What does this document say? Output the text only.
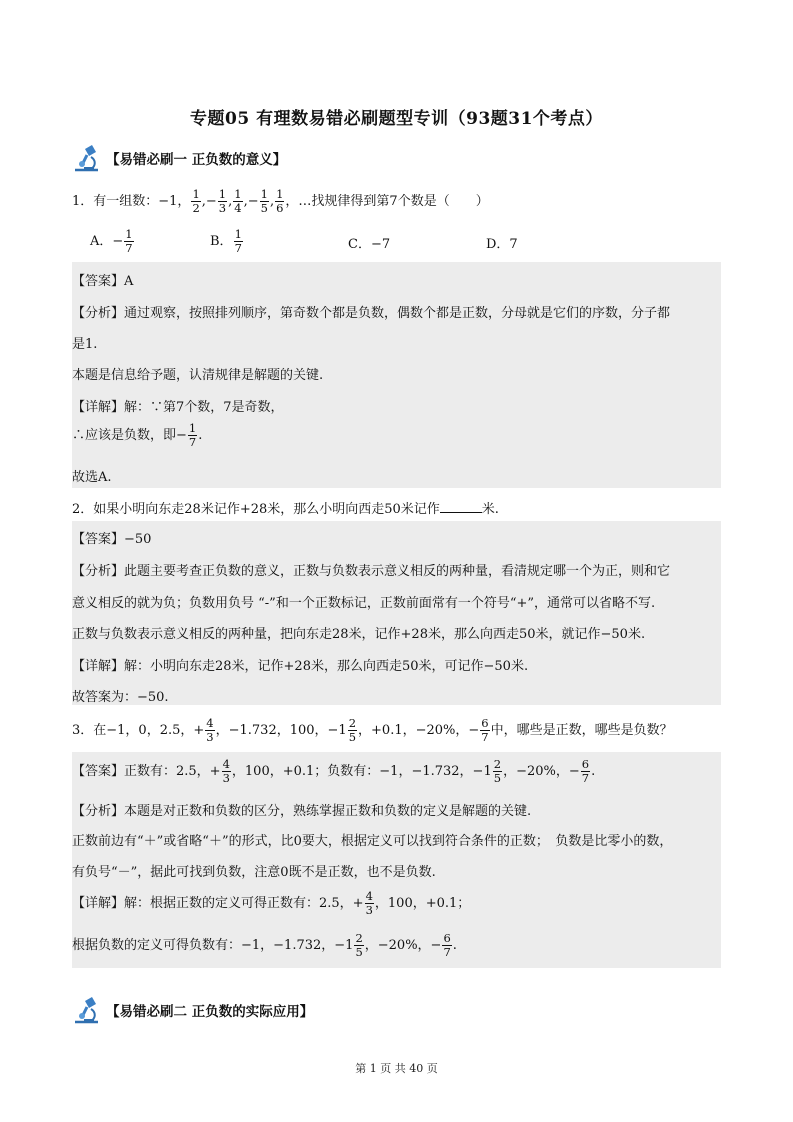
专题05 有理数易错必刷题型专训（93题31个考点）
【易错必刷一 正负数的意义】
1．有一组数：−1， $\frac{1}{2}$ ,− $\frac{1}{3}$ , $\frac{1}{4}$ ,− $\frac{1}{5}$ , $\frac{1}{6}$ ，…找规律得到第7个数是（　　）
A．− $\frac{1}{7}$	B． $\frac{1}{7}$	C．−7	D．7
【答案】A
【分析】通过观察，按照排列顺序，第奇数个都是负数，偶数个都是正数，分母就是它们的序数，分子都
是1.
本题是信息给予题，认清规律是解题的关键.
【详解】解：∵第7个数，7是奇数，
∴应该是负数，即− $\frac{1}{7}$ .
故选A.
2．如果小明向东走28米记作+28米，那么小明向西走50米记作	米.
【答案】−50
【分析】此题主要考查正负数的意义，正数与负数表示意义相反的两种量，看清规定哪一个为正，则和它
意义相反的就为负；负数用负号 “-”和一个正数标记，正数前面常有一个符号“+”，通常可以省略不写.
正数与负数表示意义相反的两种量，把向东走28米，记作+28米，那么向西走50米，就记作−50米.
【详解】解：小明向东走28米，记作+28米，那么向西走50米，可记作−50米.
故答案为：−50.
3．在−1，0，2.5，+ $\frac{4}{3}$ ，−1.732，100，$-1 \frac{2}{5}$ ，+0.1，−20%，− $\frac{6}{7}$ 中，哪些是正数，哪些是负数？
【答案】正数有：2.5，+ $\frac{4}{3}$ ，100，+0.1；负数有：−1，−1.732，$-1 \frac{2}{5}$ ，−20%，− $\frac{6}{7}$ .
【分析】本题是对正数和负数的区分，熟练掌握正数和负数的定义是解题的关键.
正数前边有“＋”或省略“＋”的形式，比0要大，根据定义可以找到符合条件的正数；　负数是比零小的数，
有负号“－”，据此可找到负数，注意0既不是正数，也不是负数.
【详解】解：根据正数的定义可得正数有：2.5，+ $\frac{4}{3}$ ，100，+0.1；
根据负数的定义可得负数有：−1，−1.732，$-1 \frac{2}{5}$ ，−20%，− $\frac{6}{7}$ .
【易错必刷二 正负数的实际应用】
第 1 页 共 40 页
